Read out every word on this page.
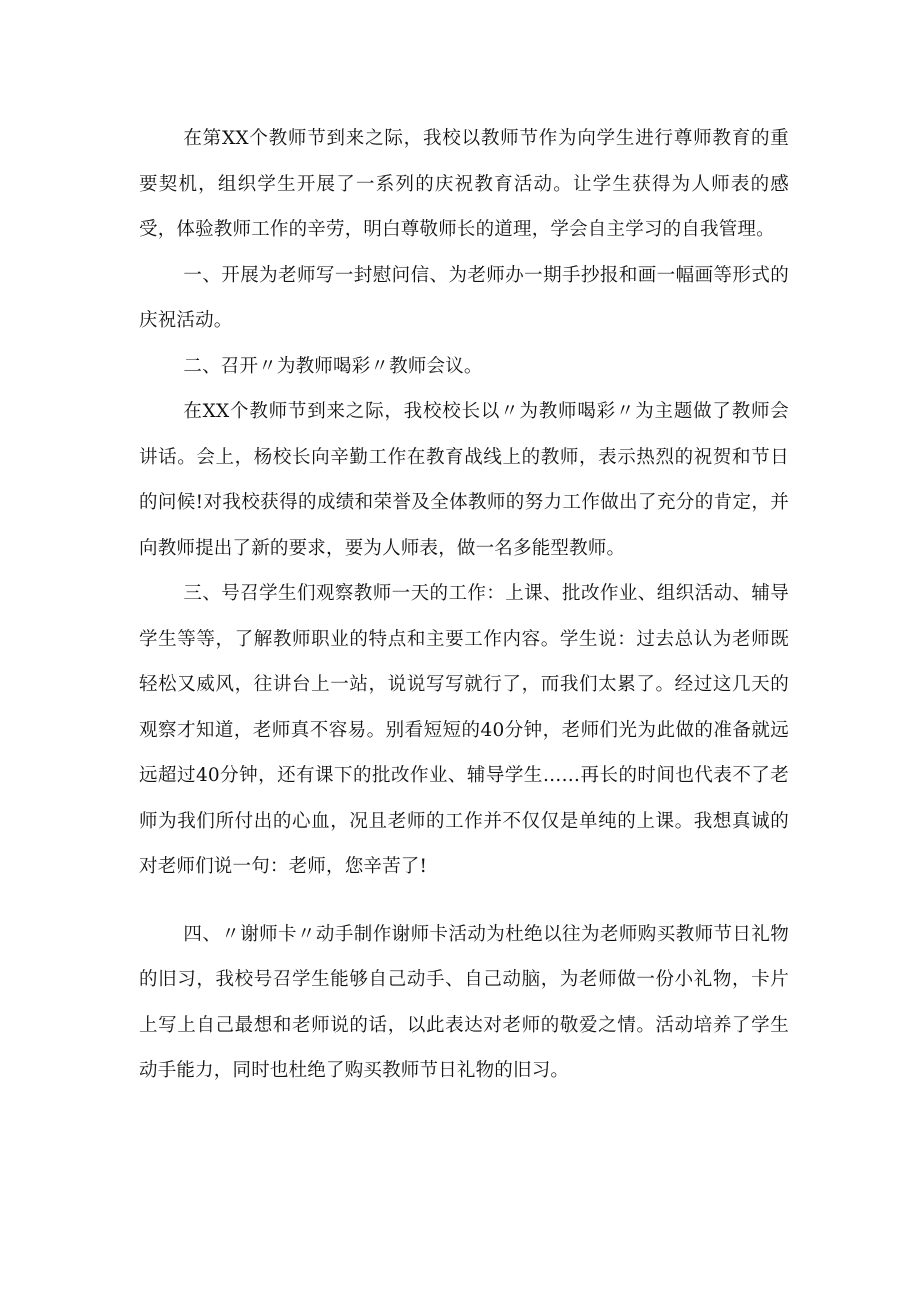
在第XX个教师节到来之际，我校以教师节作为向学生进行尊师教育的重要契机，组织学生开展了一系列的庆祝教育活动。让学生获得为人师表的感受，体验教师工作的辛劳，明白尊敬师长的道理，学会自主学习的自我管理。

一、开展为老师写一封慰问信、为老师办一期手抄报和画一幅画等形式的庆祝活动。

二、召开〃为教师喝彩〃教师会议。

在XX个教师节到来之际，我校校长以〃为教师喝彩〃为主题做了教师会讲话。会上，杨校长向辛勤工作在教育战线上的教师，表示热烈的祝贺和节日的问候!对我校获得的成绩和荣誉及全体教师的努力工作做出了充分的肯定，并向教师提出了新的要求，要为人师表，做一名多能型教师。

三、号召学生们观察教师一天的工作：上课、批改作业、组织活动、辅导学生等等，了解教师职业的特点和主要工作内容。学生说：过去总认为老师既轻松又威风，往讲台上一站，说说写写就行了，而我们太累了。经过这几天的观察才知道，老师真不容易。别看短短的40分钟，老师们光为此做的准备就远远超过40分钟，还有课下的批改作业、辅导学生……再长的时间也代表不了老师为我们所付出的心血，况且老师的工作并不仅仅是单纯的上课。我想真诚的对老师们说一句：老师，您辛苦了!

四、〃谢师卡〃动手制作谢师卡活动为杜绝以往为老师购买教师节日礼物的旧习，我校号召学生能够自己动手、自己动脑，为老师做一份小礼物，卡片上写上自己最想和老师说的话，以此表达对老师的敬爱之情。活动培养了学生动手能力，同时也杜绝了购买教师节日礼物的旧习。
